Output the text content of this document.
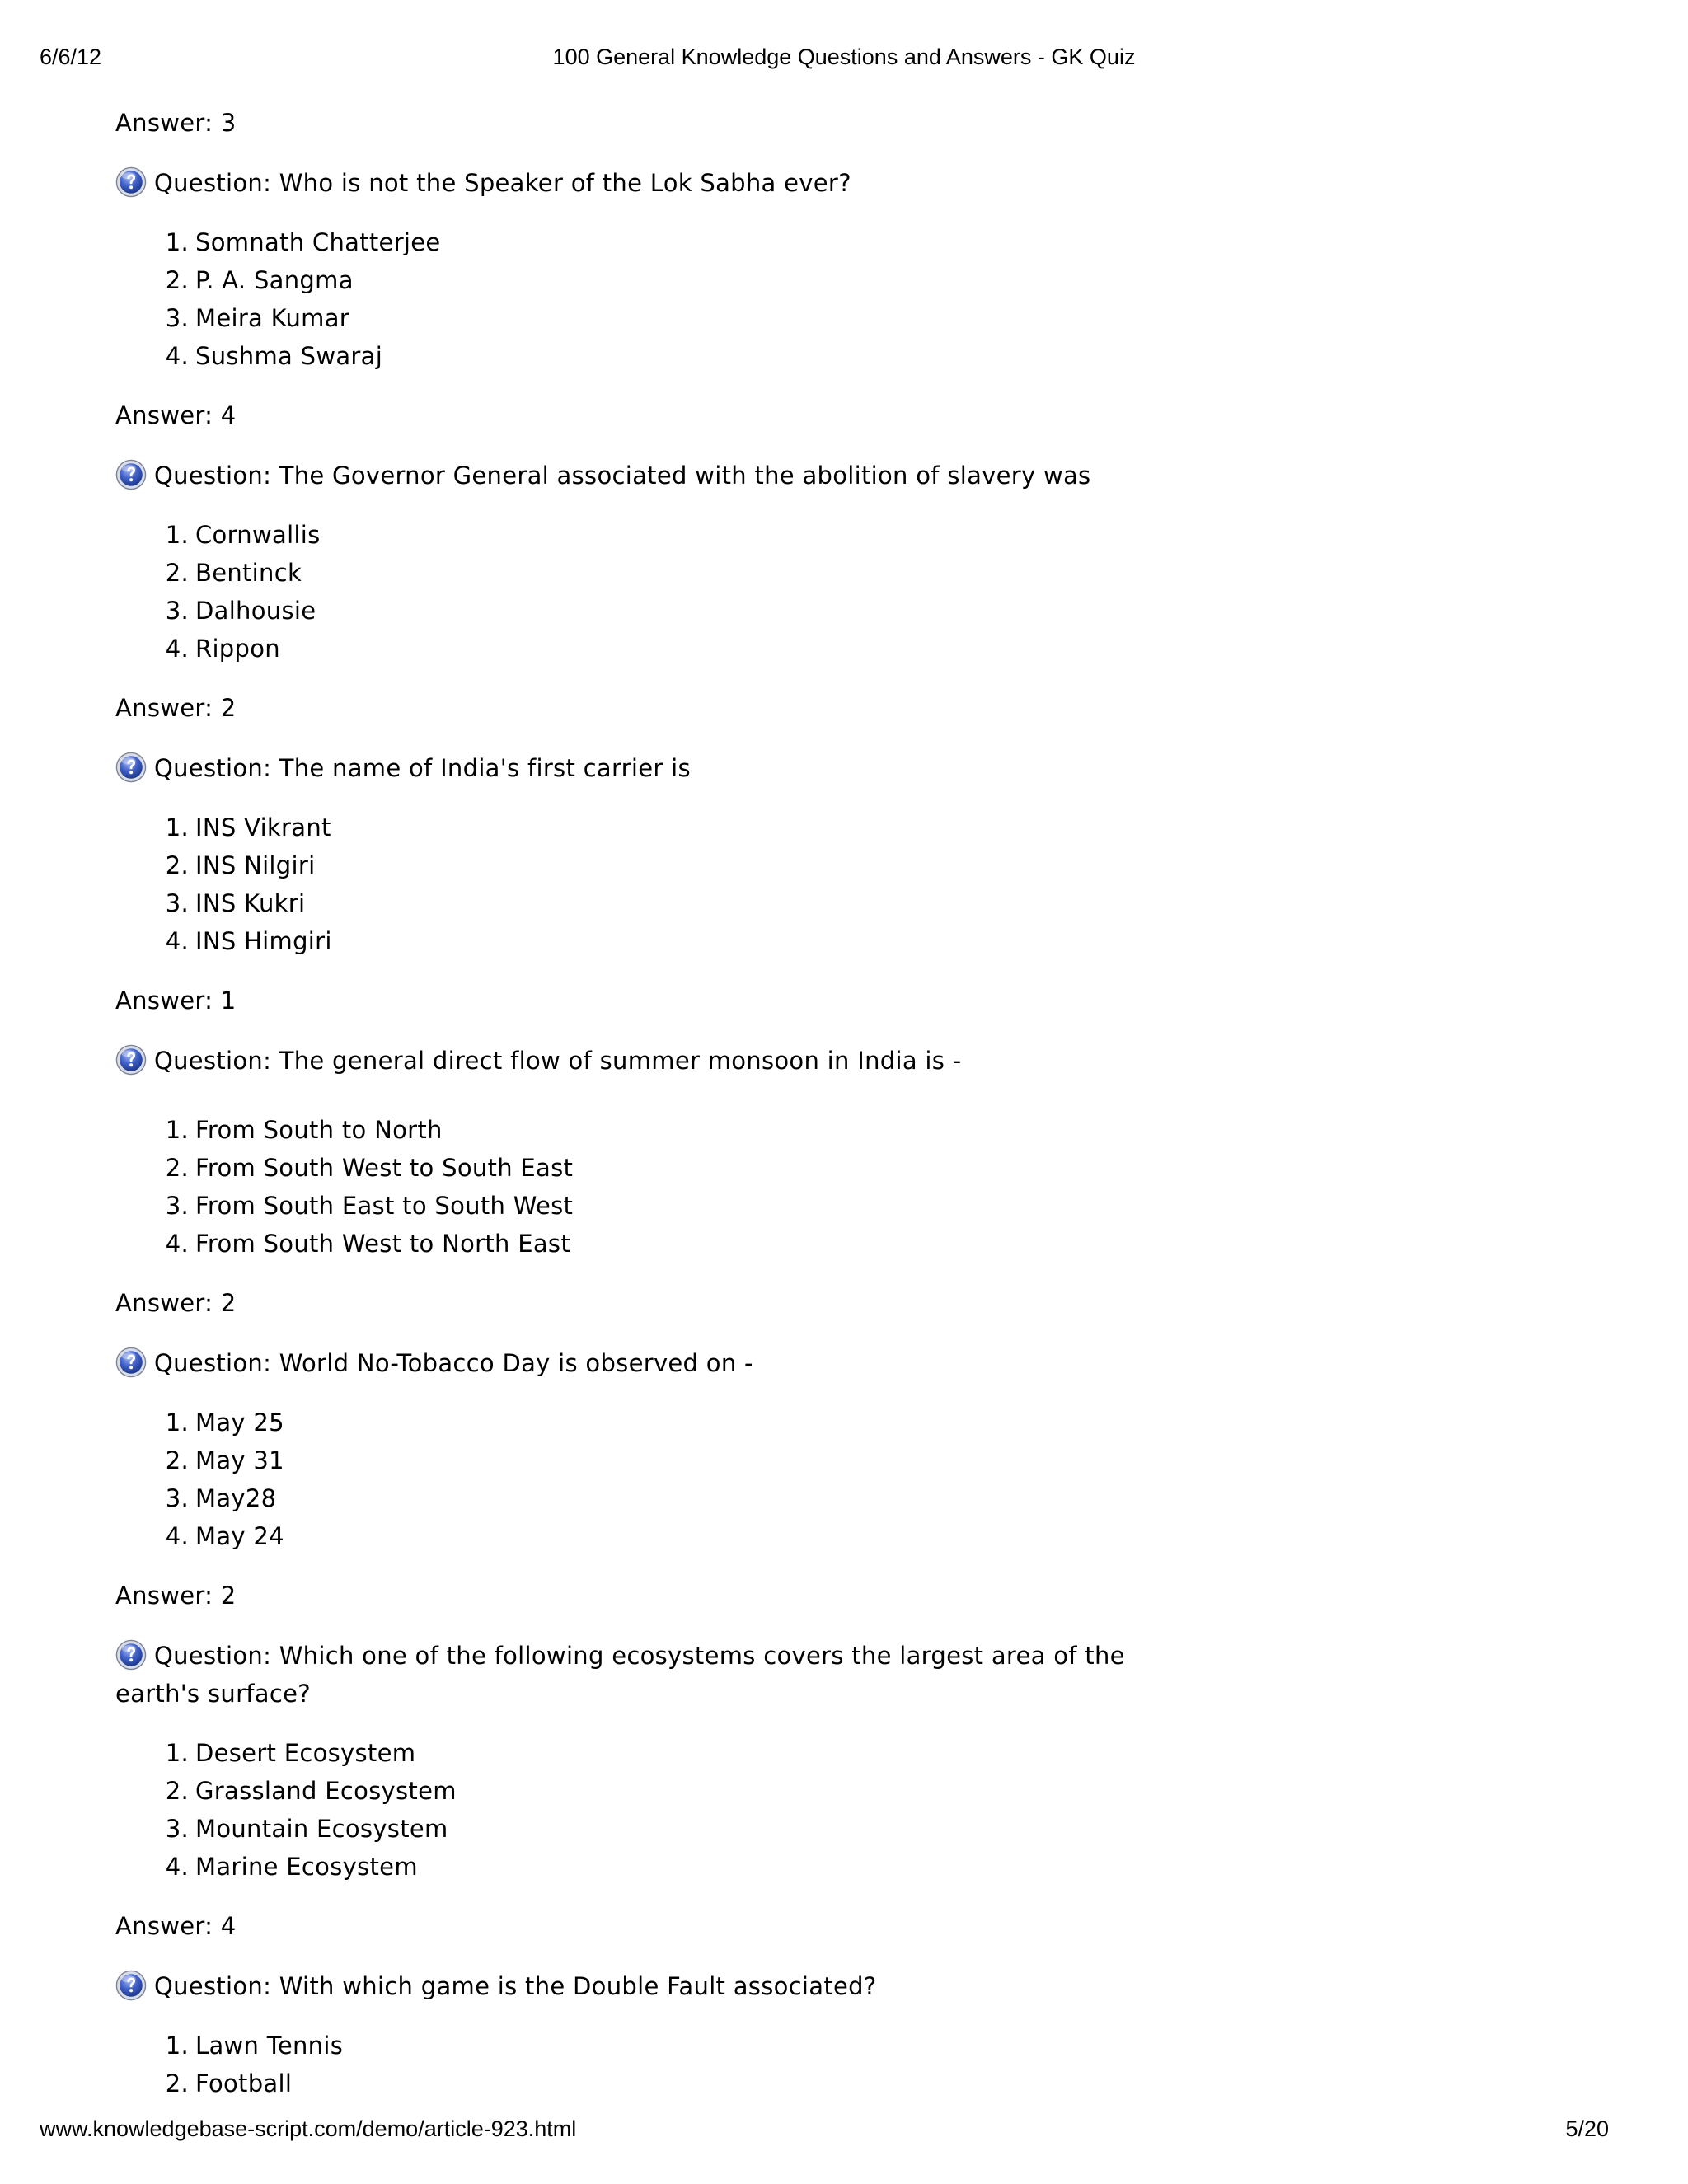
6/6/12	100 General Knowledge Questions and Answers - GK Quiz
Answer: 3
Question: Who is not the Speaker of the Lok Sabha ever?
1. Somnath Chatterjee
2. P. A. Sangma
3. Meira Kumar
4. Sushma Swaraj
Answer: 4
Question: The Governor General associated with the abolition of slavery was
1. Cornwallis
2. Bentinck
3. Dalhousie
4. Rippon
Answer: 2
Question: The name of India's first carrier is
1. INS Vikrant
2. INS Nilgiri
3. INS Kukri
4. INS Himgiri
Answer: 1
Question: The general direct flow of summer monsoon in India is -
1. From South to North
2. From South West to South East
3. From South East to South West
4. From South West to North East
Answer: 2
Question: World No-Tobacco Day is observed on -
1. May 25
2. May 31
3. May28
4. May 24
Answer: 2
Question: Which one of the following ecosystems covers the largest area of the earth's surface?
1. Desert Ecosystem
2. Grassland Ecosystem
3. Mountain Ecosystem
4. Marine Ecosystem
Answer: 4
Question: With which game is the Double Fault associated?
1. Lawn Tennis
2. Football
www.knowledgebase-script.com/demo/article-923.html	5/20
